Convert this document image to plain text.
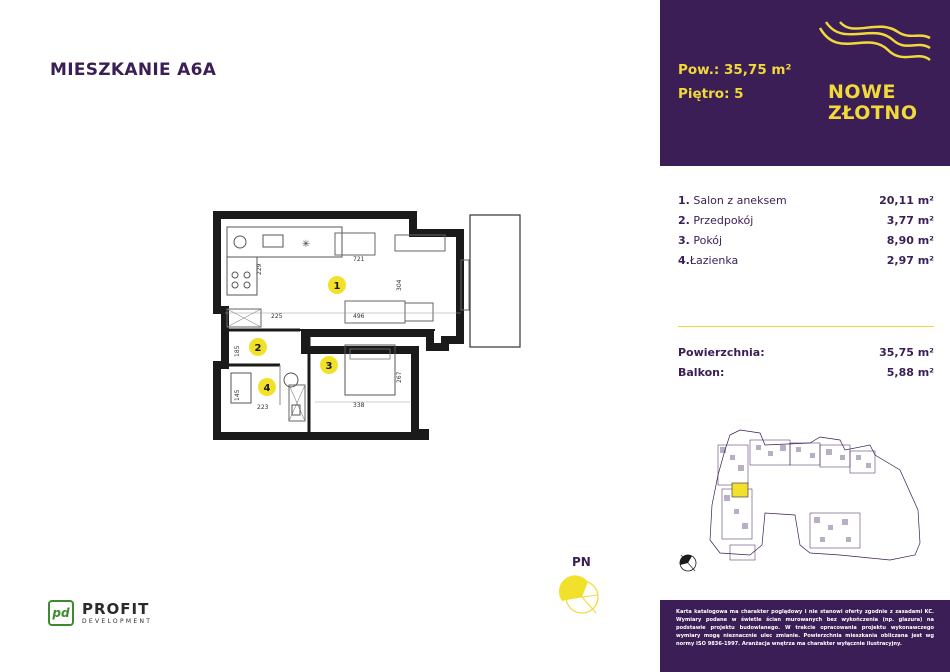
MIESZKANIE A6A
✳
1
2
3
4
721
229
304
225	496
185
267
145
223	338
PN
pd PROFIT
DEVELOPMENT
Pow.: 35,75 m²
Piętro: 5	NOWE
ZŁOTNO
1. Salon z aneksem	20,11 m²
2. Przedpokój	3,77 m²
3. Pokój	8,90 m²
4.Łazienka	2,97 m²
Powierzchnia:	35,75 m²
Balkon:	5,88 m²
Karta katalogowa ma charakter poglądowy i nie stanowi oferty zgodnie z zasadami KC. Wymiary podane w świetle ścian murowanych bez wykończenia (np. glazura) na podstawie projektu budowlanego. W trakcie opracowania projektu wykonawczego wymiary mogą nieznacznie ulec zmianie. Powierzchnia mieszkania obliczana jest wg normy ISO 9836-1997. Aranżacja wnętrza ma charakter wyłącznie ilustracyjny.
